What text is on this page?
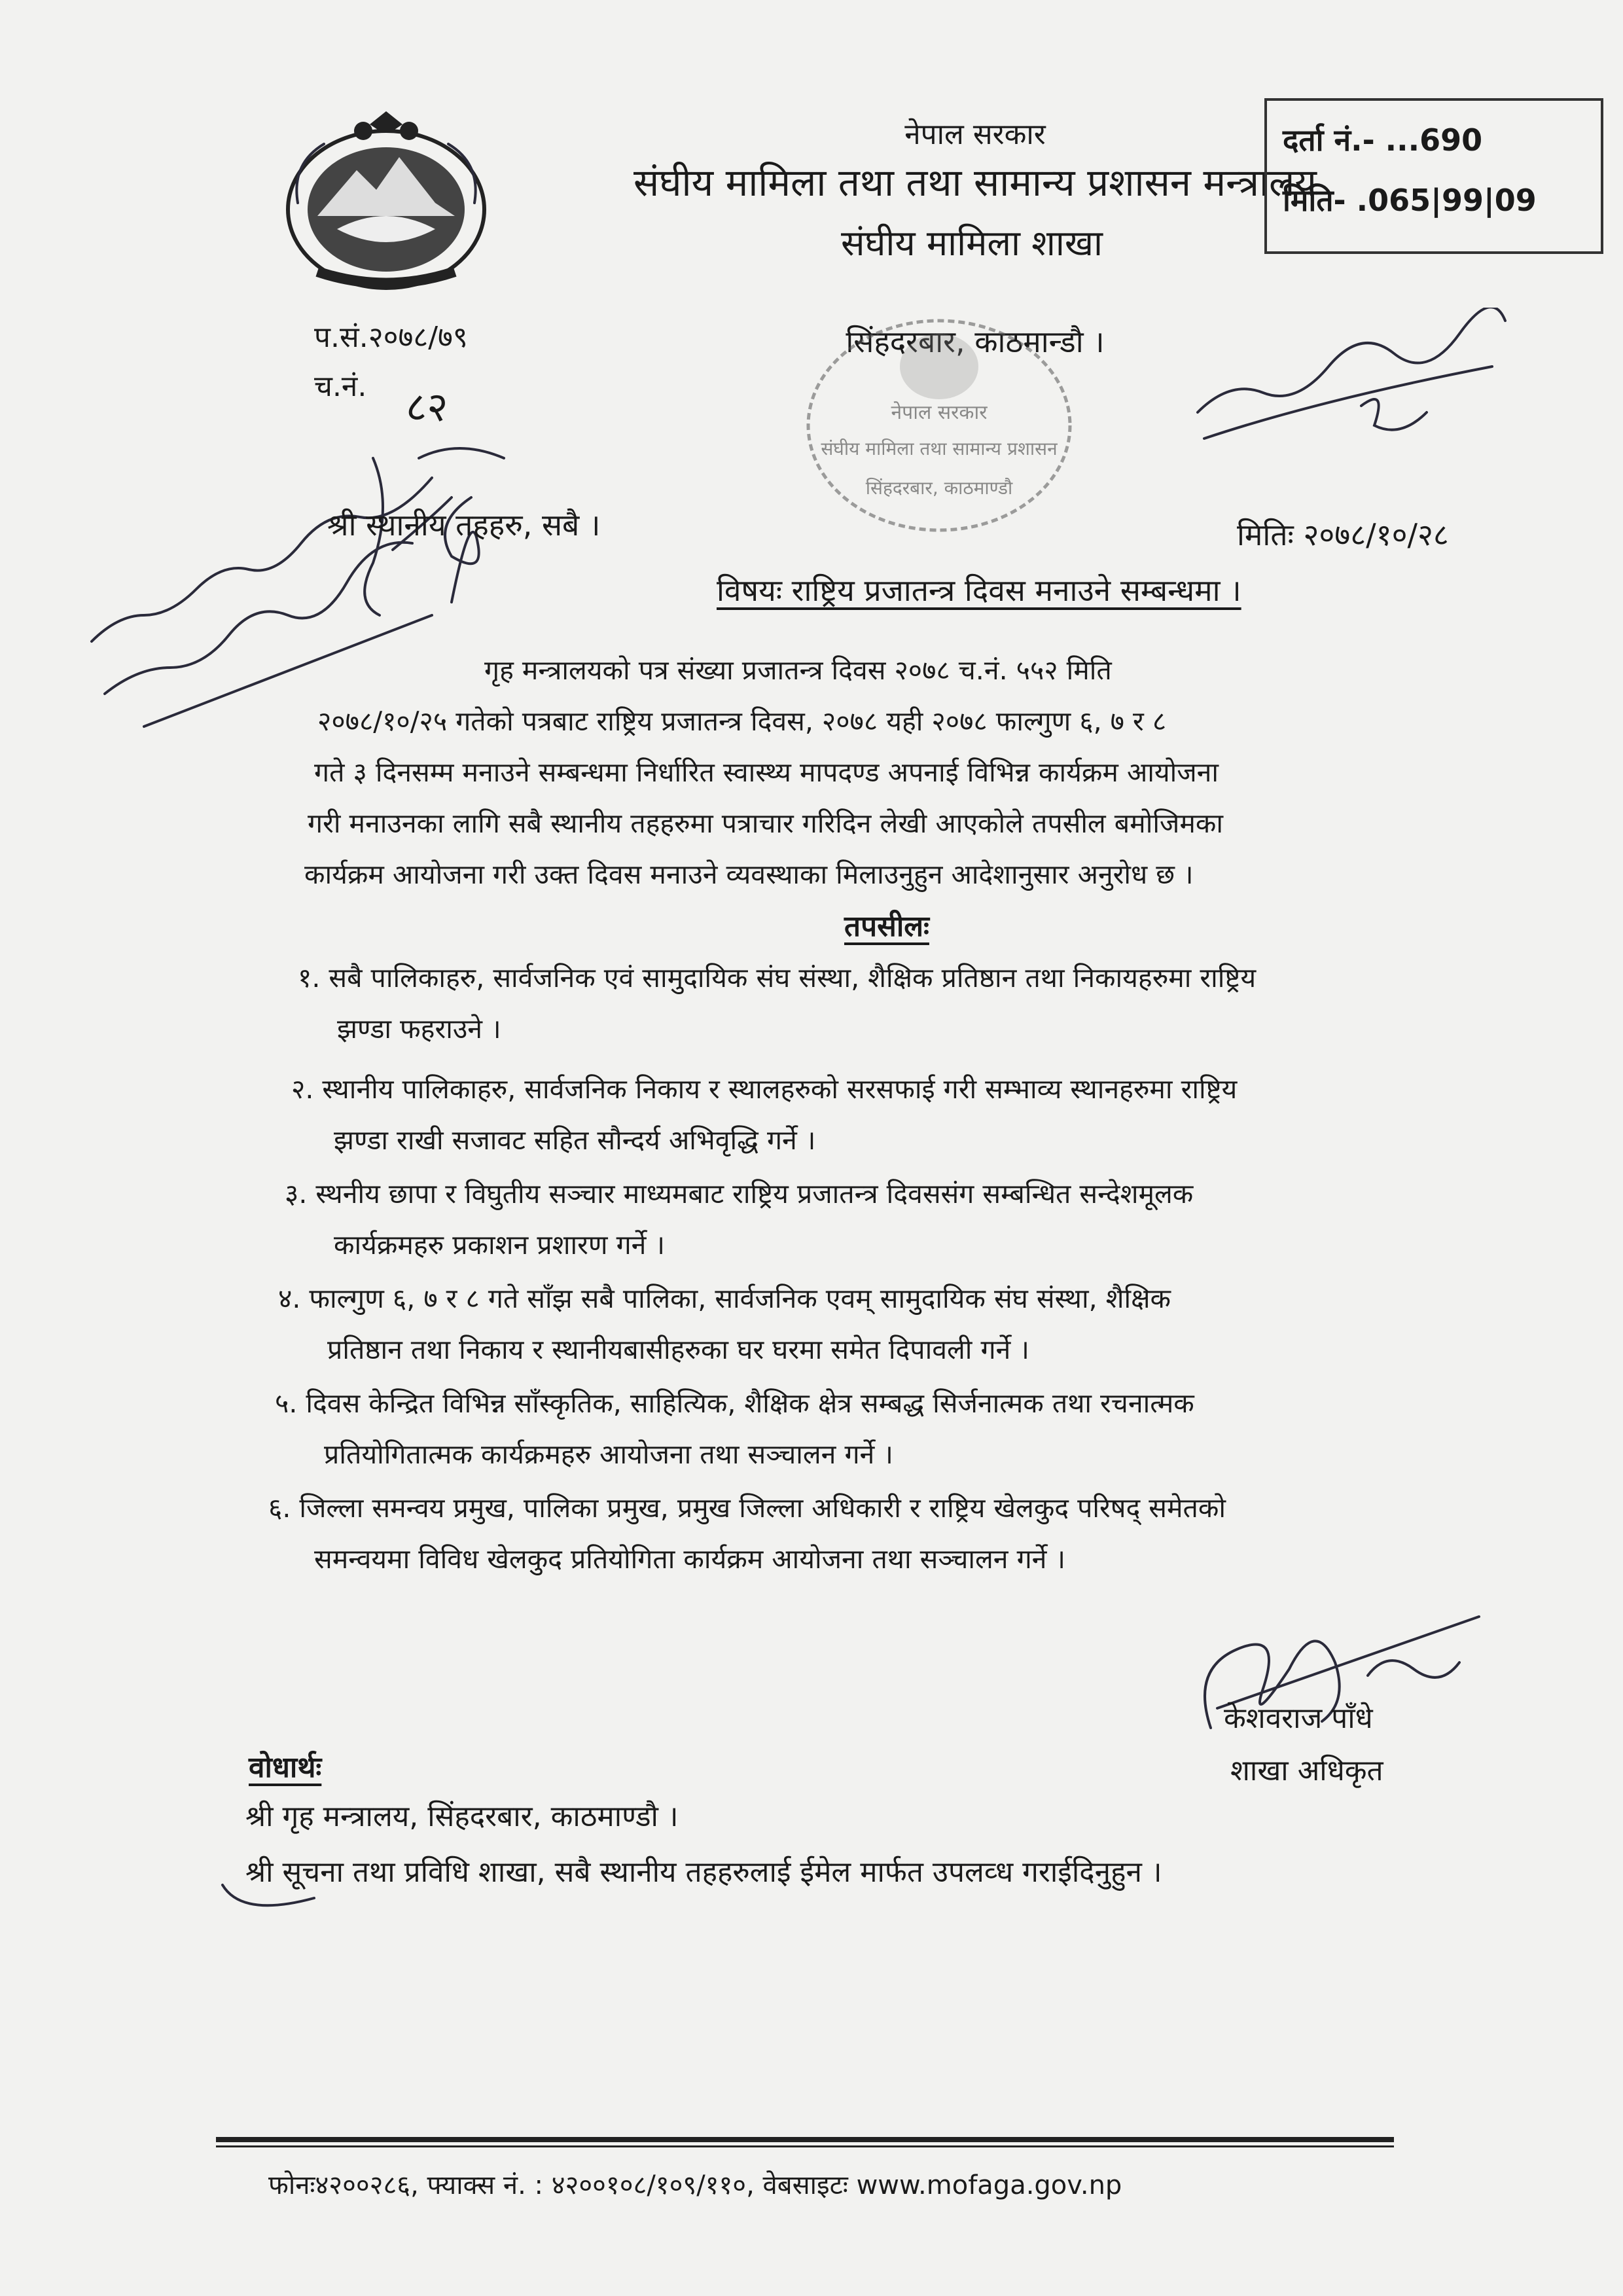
नेपाल सरकार
संघीय मामिला तथा तथा सामान्य प्रशासन मन्त्रालय
संघीय मामिला शाखा
सिंहदरबार, काठमान्डौ ।
दर्ता नं.- ...690
मिति- .065|99|09
नेपाल सरकार
संघीय मामिला तथा सामान्य प्रशासन
सिंहदरबार, काठमाण्डौ
प.सं.२०७८/७९
च.नं. ८२
श्री स्थानीय तहहरु, सबै ।	मितिः २०७८/१०/२८
विषयः राष्ट्रिय प्रजातन्त्र दिवस मनाउने सम्बन्धमा ।
गृह मन्त्रालयको पत्र संख्या प्रजातन्त्र दिवस २०७८ च.नं. ५५२ मिति
२०७८/१०/२५ गतेको पत्रबाट राष्ट्रिय प्रजातन्त्र दिवस, २०७८ यही २०७८ फाल्गुण ६, ७ र ८
गते ३ दिनसम्म मनाउने सम्बन्धमा निर्धारित स्वास्थ्य मापदण्ड अपनाई विभिन्न कार्यक्रम आयोजना
गरी मनाउनका लागि सबै स्थानीय तहहरुमा पत्राचार गरिदिन लेखी आएकोले तपसील बमोजिमका
कार्यक्रम आयोजना गरी उक्त दिवस मनाउने व्यवस्थाका मिलाउनुहुन आदेशानुसार अनुरोध छ ।
तपसीलः
१. सबै पालिकाहरु, सार्वजनिक एवं सामुदायिक संघ संस्था, शैक्षिक प्रतिष्ठान तथा निकायहरुमा राष्ट्रिय
झण्डा फहराउने ।
२. स्थानीय पालिकाहरु, सार्वजनिक निकाय र स्थालहरुको सरसफाई गरी सम्भाव्य स्थानहरुमा राष्ट्रिय
झण्डा राखी सजावट सहित सौन्दर्य अभिवृद्धि गर्ने ।
३. स्थनीय छापा र विघुतीय सञ्चार माध्यमबाट राष्ट्रिय प्रजातन्त्र दिवससंग सम्बन्धित सन्देशमूलक
कार्यक्रमहरु प्रकाशन प्रशारण गर्ने ।
४. फाल्गुण ६, ७ र ८ गते साँझ सबै पालिका, सार्वजनिक एवम् सामुदायिक संघ संस्था, शैक्षिक
प्रतिष्ठान तथा निकाय र स्थानीयबासीहरुका घर घरमा समेत दिपावली गर्ने ।
५. दिवस केन्द्रित विभिन्न साँस्कृतिक, साहित्यिक, शैक्षिक क्षेत्र सम्बद्ध सिर्जनात्मक तथा रचनात्मक
प्रतियोगितात्मक कार्यक्रमहरु आयोजना तथा सञ्चालन गर्ने ।
६. जिल्ला समन्वय प्रमुख, पालिका प्रमुख, प्रमुख जिल्ला अधिकारी र राष्ट्रिय खेलकुद परिषद् समेतको
समन्वयमा विविध खेलकुद प्रतियोगिता कार्यक्रम आयोजना तथा सञ्चालन गर्ने ।
केशवराज पाँधे
शाखा अधिकृत
वोधार्थः
श्री गृह मन्त्रालय, सिंहदरबार, काठमाण्डौ ।
श्री सूचना तथा प्रविधि शाखा, सबै स्थानीय तहहरुलाई ईमेल मार्फत उपलव्ध गराईदिनुहुन ।
फोनः४२००२८६, फ्याक्स नं. : ४२००१०८/१०९/११०, वेबसाइटः www.mofaga.gov.np
